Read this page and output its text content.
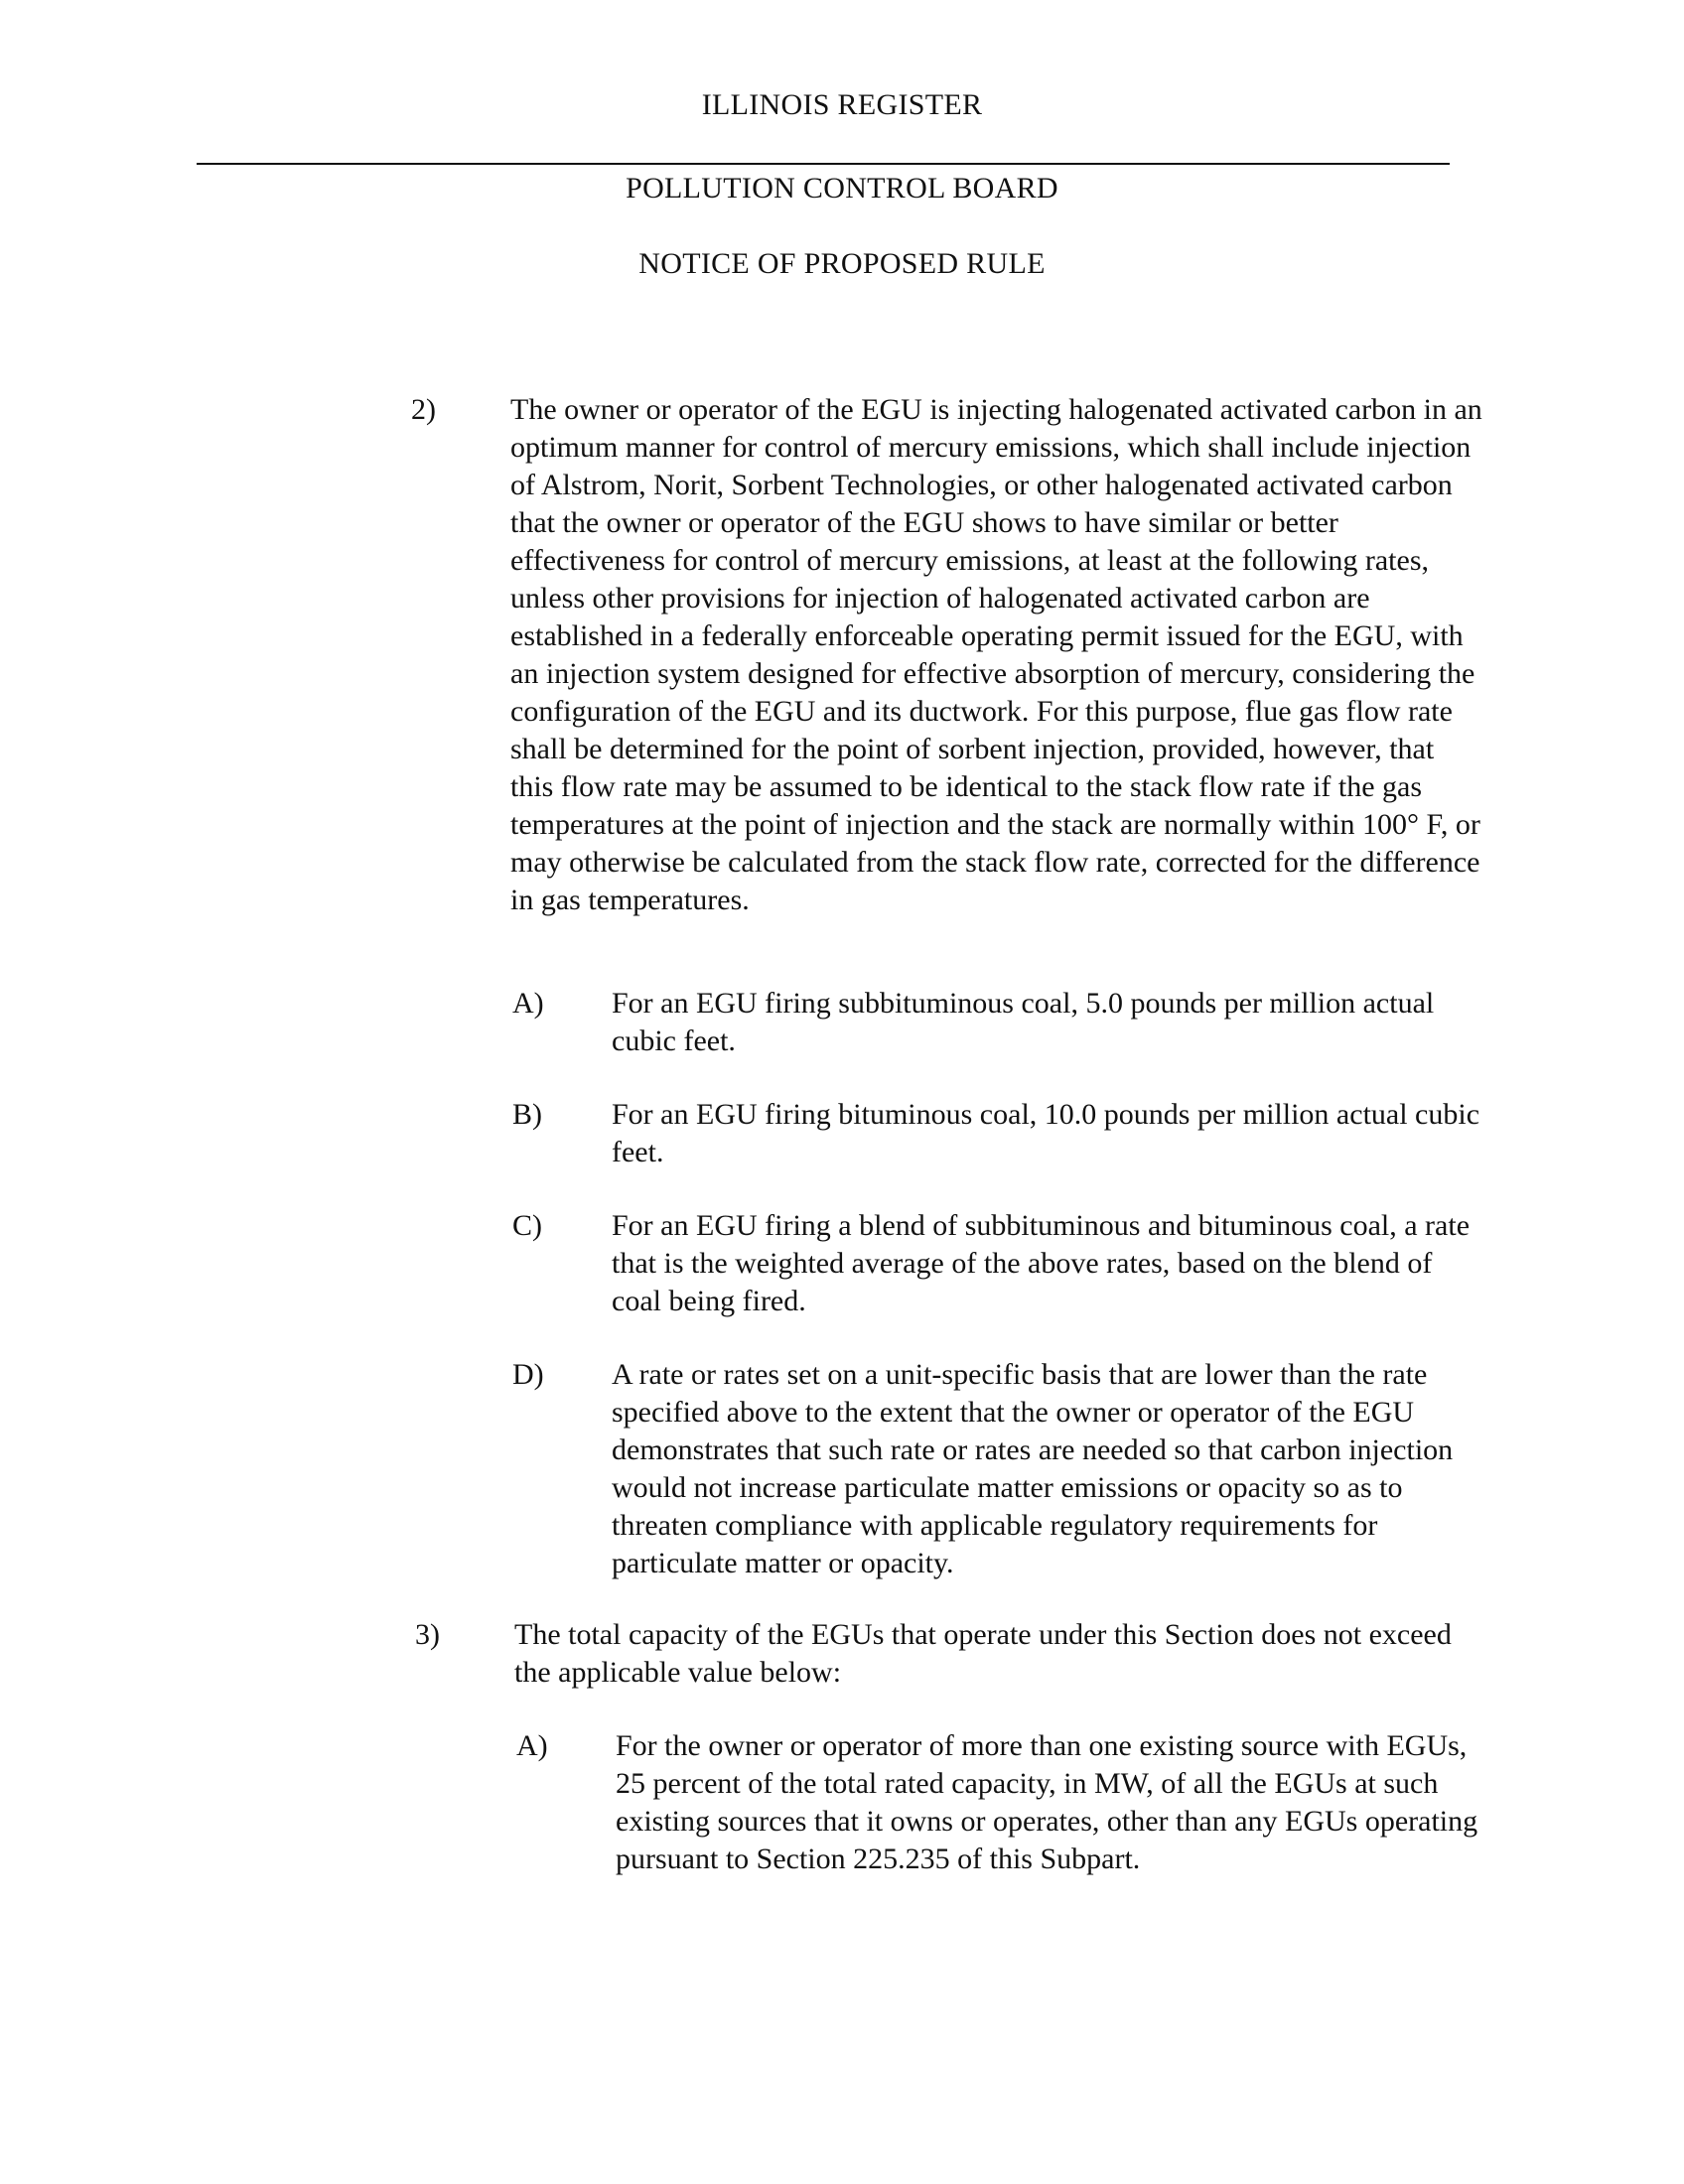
ILLINOIS REGISTER
POLLUTION CONTROL BOARD
NOTICE OF PROPOSED RULE
2)	The owner or operator of the EGU is injecting halogenated activated carbon in an optimum manner for control of mercury emissions, which shall include injection of Alstrom, Norit, Sorbent Technologies, or other halogenated activated carbon that the owner or operator of the EGU shows to have similar or better effectiveness for control of mercury emissions, at least at the following rates, unless other provisions for injection of halogenated activated carbon are established in a federally enforceable operating permit issued for the EGU, with an injection system designed for effective absorption of mercury, considering the configuration of the EGU and its ductwork. For this purpose, flue gas flow rate shall be determined for the point of sorbent injection, provided, however, that this flow rate may be assumed to be identical to the stack flow rate if the gas temperatures at the point of injection and the stack are normally within 100° F, or may otherwise be calculated from the stack flow rate, corrected for the difference in gas temperatures.

A) For an EGU firing subbituminous coal, 5.0 pounds per million actual cubic feet.

B) For an EGU firing bituminous coal, 10.0 pounds per million actual cubic feet.

C) For an EGU firing a blend of subbituminous and bituminous coal, a rate that is the weighted average of the above rates, based on the blend of coal being fired.

D) A rate or rates set on a unit-specific basis that are lower than the rate specified above to the extent that the owner or operator of the EGU demonstrates that such rate or rates are needed so that carbon injection would not increase particulate matter emissions or opacity so as to threaten compliance with applicable regulatory requirements for particulate matter or opacity.

3)	The total capacity of the EGUs that operate under this Section does not exceed the applicable value below:

A) For the owner or operator of more than one existing source with EGUs, 25 percent of the total rated capacity, in MW, of all the EGUs at such existing sources that it owns or operates, other than any EGUs operating pursuant to Section 225.235 of this Subpart.
